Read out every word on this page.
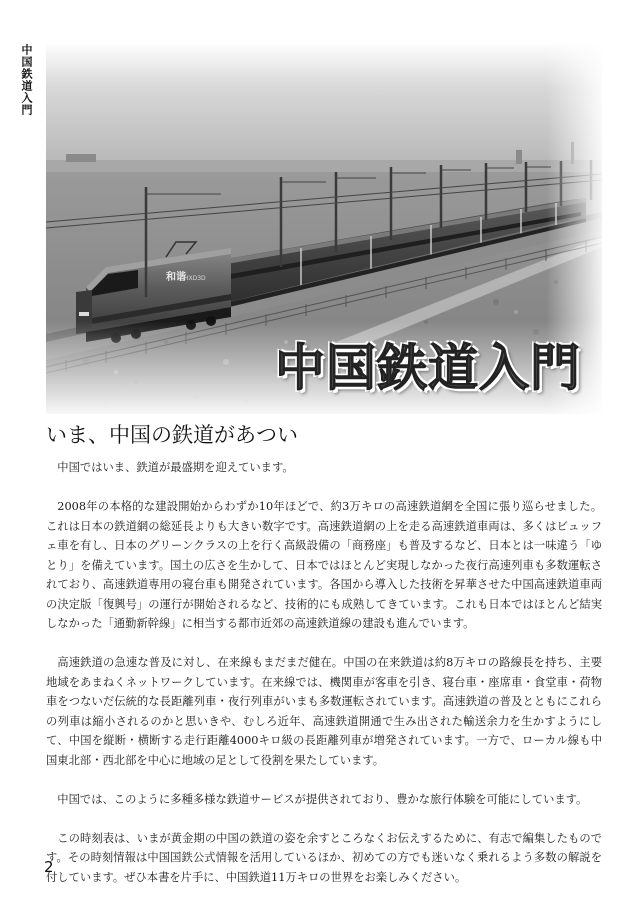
中国鉄道入門
中国鉄道入門
いま、中国の鉄道があつい

中国ではいま、鉄道が最盛期を迎えています。

2008年の本格的な建設開始からわずか10年ほどで、約3万キロの高速鉄道網を全国に張り巡らせました。これは日本の鉄道網の総延長よりも大きい数字です。高速鉄道網の上を走る高速鉄道車両は、多くはビュッフェ車を有し、日本のグリーンクラスの上を行く高級設備の「商務座」も普及するなど、日本とは一味違う「ゆとり」を備えています。国土の広さを生かして、日本ではほとんど実現しなかった夜行高速列車も多数運転されており、高速鉄道専用の寝台車も開発されています。各国から導入した技術を昇華させた中国高速鉄道車両の決定版「復興号」の運行が開始されるなど、技術的にも成熟してきています。これも日本ではほとんど結実しなかった「通勤新幹線」に相当する都市近郊の高速鉄道線の建設も進んでいます。

高速鉄道の急速な普及に対し、在来線もまだまだ健在。中国の在来鉄道は約8万キロの路線長を持ち、主要地域をあまねくネットワークしています。在来線では、機関車が客車を引き、寝台車・座席車・食堂車・荷物車をつないだ伝統的な長距離列車・夜行列車がいまも多数運転されています。高速鉄道の普及とともにこれらの列車は縮小されるのかと思いきや、むしろ近年、高速鉄道開通で生み出された輸送余力を生かすようにして、中国を縦断・横断する走行距離4000キロ級の長距離列車が増発されています。一方で、ローカル線も中国東北部・西北部を中心に地域の足として役割を果たしています。

中国では、このように多種多様な鉄道サービスが提供されており、豊かな旅行体験を可能にしています。

この時刻表は、いまが黄金期の中国の鉄道の姿を余すところなくお伝えするために、有志で編集したものです。その時刻情報は中国国鉄公式情報を活用しているほか、初めての方でも迷いなく乗れるよう多数の解説を付しています。ぜひ本書を片手に、中国鉄道11万キロの世界をお楽しみください。

2
